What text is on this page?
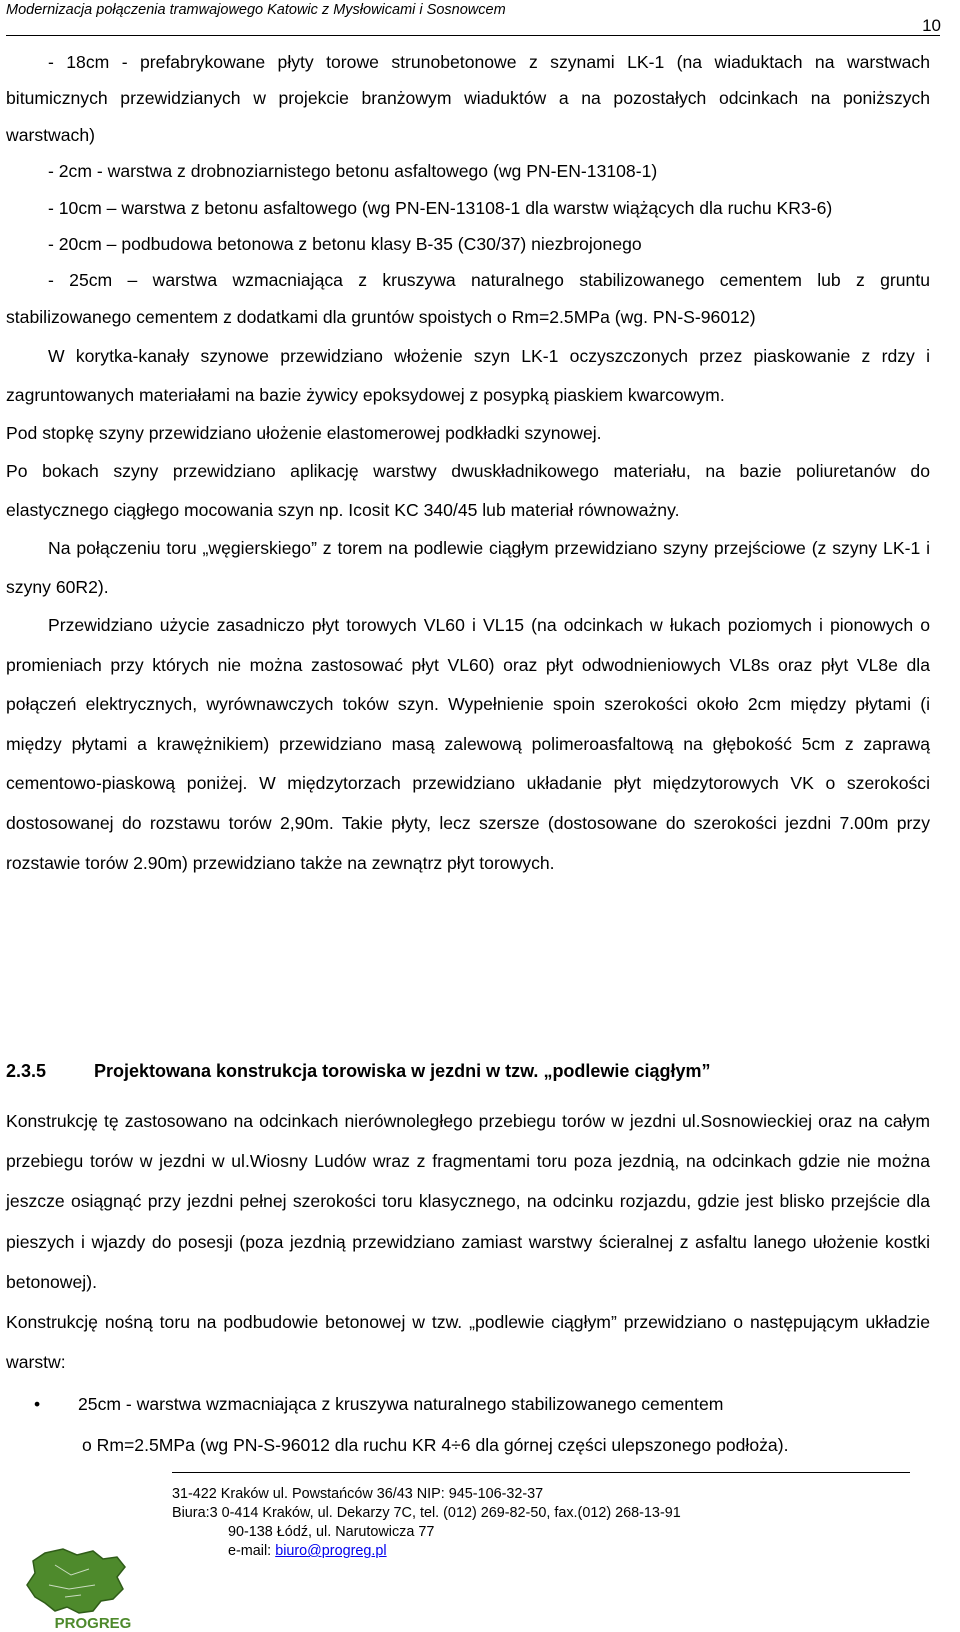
Modernizacja połączenia tramwajowego Katowic z Mysłowicami i Sosnowcem
10
- 18cm - prefabrykowane płyty torowe strunobetonowe z szynami LK-1 (na wiaduktach na warstwach bitumicznych przewidzianych w projekcie branżowym wiaduktów a na pozostałych odcinkach na poniższych warstwach)
- 2cm - warstwa z drobnoziarnistego betonu asfaltowego (wg PN-EN-13108-1)
- 10cm – warstwa z betonu asfaltowego (wg PN-EN-13108-1 dla warstw wiążących dla ruchu KR3-6)
- 20cm – podbudowa betonowa z betonu klasy B-35 (C30/37) niezbrojonego
- 25cm – warstwa wzmacniająca z kruszywa naturalnego stabilizowanego cementem lub z gruntu stabilizowanego cementem z dodatkami dla gruntów spoistych o Rm=2.5MPa (wg. PN-S-96012)
W korytka-kanały szynowe przewidziano włożenie szyn LK-1 oczyszczonych przez piaskowanie z rdzy i zagruntowanych materiałami na bazie żywicy epoksydowej z posypką piaskiem kwarcowym.
Pod stopkę szyny przewidziano ułożenie elastomerowej podkładki szynowej.
Po bokach szyny przewidziano aplikację warstwy dwuskładnikowego materiału, na bazie poliuretanów do elastycznego ciągłego mocowania szyn np. Icosit KC 340/45 lub materiał równoważny.
Na połączeniu toru „węgierskiego” z torem na podlewie ciągłym przewidziano szyny przejściowe (z szyny LK-1 i szyny 60R2).
Przewidziano użycie zasadniczo płyt torowych VL60 i VL15 (na odcinkach w łukach poziomych i pionowych o promieniach przy których nie można zastosować płyt VL60) oraz płyt odwodnieniowych VL8s oraz płyt VL8e dla połączeń elektrycznych, wyrównawczych toków szyn. Wypełnienie spoin szerokości około 2cm między płytami (i między płytami a krawężnikiem) przewidziano masą zalewową polimeroasfaltową na głębokość 5cm z zaprawą cementowo-piaskową poniżej. W międzytorzach przewidziano układanie płyt międzytorowych VK o szerokości dostosowanej do rozstawu torów 2,90m. Takie płyty, lecz szersze (dostosowane do szerokości jezdni 7.00m przy rozstawie torów 2.90m) przewidziano także na zewnątrz płyt torowych.
2.3.5	Projektowana konstrukcja torowiska w jezdni w tzw. „podlewie ciągłym”
Konstrukcję tę zastosowano na odcinkach nierównoległego przebiegu torów w jezdni ul.Sosnowieckiej oraz na całym przebiegu torów w jezdni w ul.Wiosny Ludów wraz z fragmentami toru poza jezdnią, na odcinkach gdzie nie można jeszcze osiągnąć przy jezdni pełnej szerokości toru klasycznego, na odcinku rozjazdu, gdzie jest blisko przejście dla pieszych i wjazdy do posesji (poza jezdnią przewidziano zamiast warstwy ścieralnej z asfaltu lanego ułożenie kostki betonowej).
Konstrukcję nośną toru na podbudowie betonowej w tzw. „podlewie ciągłym” przewidziano o następującym układzie warstw:
• 25cm - warstwa wzmacniająca z kruszywa naturalnego stabilizowanego cementem
o Rm=2.5MPa (wg PN-S-96012 dla ruchu KR 4÷6 dla górnej części ulepszonego podłoża).
PROGREG
31-422 Kraków ul. Powstańców 36/43 NIP: 945-106-32-37
Biura:3 0-414 Kraków, ul. Dekarzy 7C, tel. (012) 269-82-50, fax.(012) 268-13-91
90-138 Łódź, ul. Narutowicza 77
e-mail: biuro@progreg.pl
